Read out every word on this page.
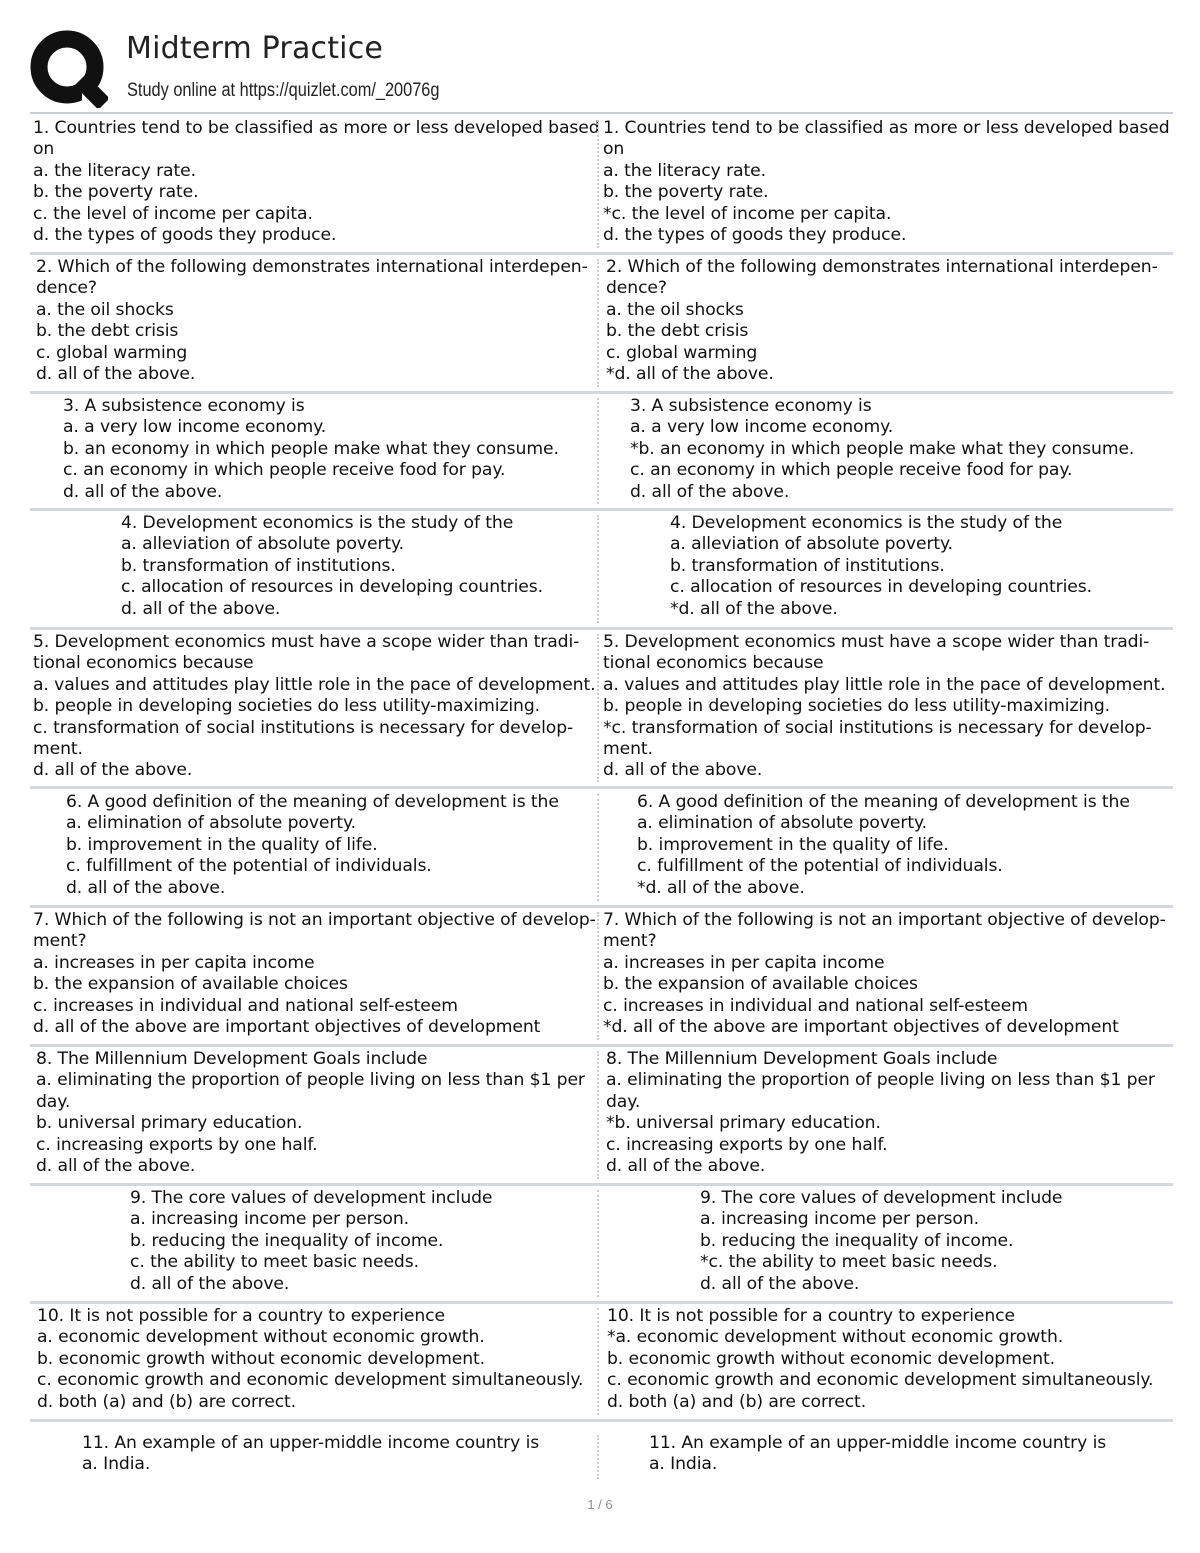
Midterm Practice
Study online at https://quizlet.com/_20076g
1. Countries tend to be classified as more or less developed based
on
a. the literacy rate.
b. the poverty rate.
c. the level of income per capita.
d. the types of goods they produce.
1. Countries tend to be classified as more or less developed based
on
a. the literacy rate.
b. the poverty rate.
*c. the level of income per capita.
d. the types of goods they produce.
2. Which of the following demonstrates international interdepen-
dence?
a. the oil shocks
b. the debt crisis
c. global warming
d. all of the above.
2. Which of the following demonstrates international interdepen-
dence?
a. the oil shocks
b. the debt crisis
c. global warming
*d. all of the above.
3. A subsistence economy is
a. a very low income economy.
b. an economy in which people make what they consume.
c. an economy in which people receive food for pay.
d. all of the above.
3. A subsistence economy is
a. a very low income economy.
*b. an economy in which people make what they consume.
c. an economy in which people receive food for pay.
d. all of the above.
4. Development economics is the study of the
a. alleviation of absolute poverty.
b. transformation of institutions.
c. allocation of resources in developing countries.
d. all of the above.
4. Development economics is the study of the
a. alleviation of absolute poverty.
b. transformation of institutions.
c. allocation of resources in developing countries.
*d. all of the above.
5. Development economics must have a scope wider than tradi-
tional economics because
a. values and attitudes play little role in the pace of development.
b. people in developing societies do less utility-maximizing.
c. transformation of social institutions is necessary for develop-
ment.
d. all of the above.
5. Development economics must have a scope wider than tradi-
tional economics because
a. values and attitudes play little role in the pace of development.
b. people in developing societies do less utility-maximizing.
*c. transformation of social institutions is necessary for develop-
ment.
d. all of the above.
6. A good definition of the meaning of development is the
a. elimination of absolute poverty.
b. improvement in the quality of life.
c. fulfillment of the potential of individuals.
d. all of the above.
6. A good definition of the meaning of development is the
a. elimination of absolute poverty.
b. improvement in the quality of life.
c. fulfillment of the potential of individuals.
*d. all of the above.
7. Which of the following is not an important objective of develop-
ment?
a. increases in per capita income
b. the expansion of available choices
c. increases in individual and national self-esteem
d. all of the above are important objectives of development
7. Which of the following is not an important objective of develop-
ment?
a. increases in per capita income
b. the expansion of available choices
c. increases in individual and national self-esteem
*d. all of the above are important objectives of development
8. The Millennium Development Goals include
a. eliminating the proportion of people living on less than $1 per
day.
b. universal primary education.
c. increasing exports by one half.
d. all of the above.
8. The Millennium Development Goals include
a. eliminating the proportion of people living on less than $1 per
day.
*b. universal primary education.
c. increasing exports by one half.
d. all of the above.
9. The core values of development include
a. increasing income per person.
b. reducing the inequality of income.
c. the ability to meet basic needs.
d. all of the above.
9. The core values of development include
a. increasing income per person.
b. reducing the inequality of income.
*c. the ability to meet basic needs.
d. all of the above.
10. It is not possible for a country to experience
a. economic development without economic growth.
b. economic growth without economic development.
c. economic growth and economic development simultaneously.
d. both (a) and (b) are correct.
10. It is not possible for a country to experience
*a. economic development without economic growth.
b. economic growth without economic development.
c. economic growth and economic development simultaneously.
d. both (a) and (b) are correct.
11. An example of an upper-middle income country is
a. India.
11. An example of an upper-middle income country is
a. India.
1 / 6
